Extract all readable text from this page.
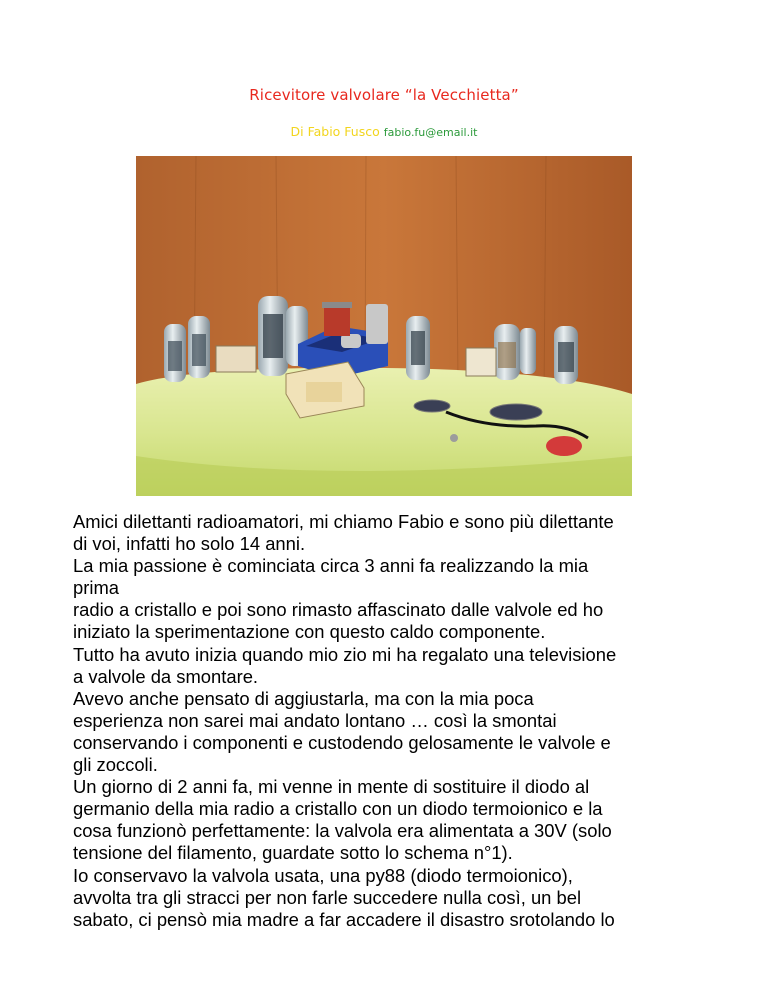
Ricevitore valvolare “la Vecchietta”
Di Fabio Fusco fabio.fu@email.it
Amici dilettanti radioamatori, mi chiamo Fabio e sono più dilettante
di voi, infatti ho solo 14 anni.
La mia passione è cominciata circa 3 anni fa realizzando la mia
prima
radio a cristallo e poi sono rimasto affascinato dalle valvole ed ho
iniziato la sperimentazione con questo caldo componente.
Tutto ha avuto inizia quando mio zio mi ha regalato una televisione
a valvole da smontare.
Avevo anche pensato di aggiustarla, ma con la mia poca
esperienza non sarei mai andato lontano … così la smontai
conservando i componenti e custodendo gelosamente le valvole e
gli zoccoli.
Un giorno di 2 anni fa, mi venne in mente di sostituire il diodo al
germanio della mia radio a cristallo con un diodo termoionico e la
cosa funzionò perfettamente: la valvola era alimentata a 30V (solo
tensione del filamento, guardate sotto lo schema n°1).
Io conservavo la valvola usata, una py88 (diodo termoionico),
avvolta tra gli stracci per non farle succedere nulla così, un bel
sabato, ci pensò mia madre a far accadere il disastro srotolando lo
